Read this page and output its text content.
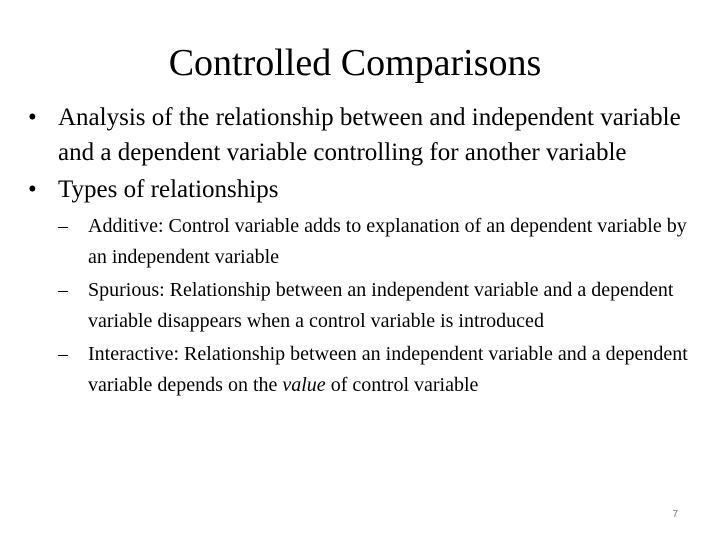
Controlled Comparisons
• Analysis of the relationship between and independent variable and a dependent variable controlling for another variable
• Types of relationships
–	Additive: Control variable adds to explanation of an dependent variable by an independent variable
–	Spurious: Relationship between an independent variable and a dependent variable disappears when a control variable is introduced
–	Interactive: Relationship between an independent variable and a dependent variable depends on the value of control variable
7
